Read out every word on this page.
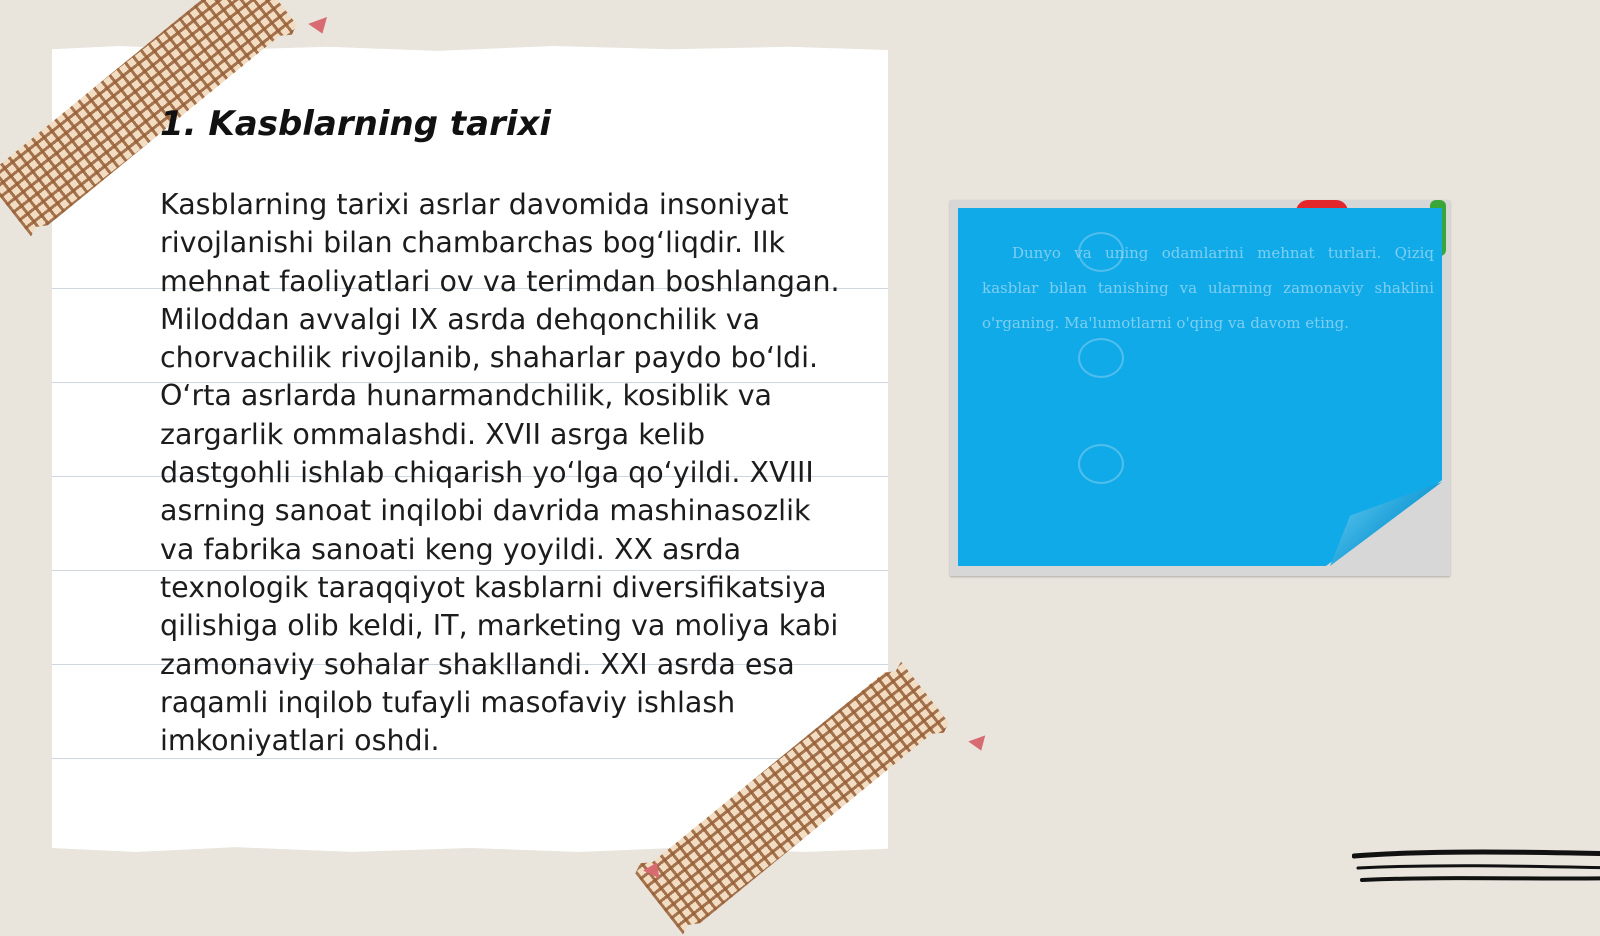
1. Kasblarning tarixi

Kasblarning tarixi asrlar davomida insoniyat rivojlanishi bilan chambarchas bog‘liqdir. Ilk mehnat faoliyatlari ov va terimdan boshlangan. Miloddan avvalgi IX asrda dehqonchilik va chorvachilik rivojlanib, shaharlar paydo bo‘ldi. O‘rta asrlarda hunarmandchilik, kosiblik va zargarlik ommalashdi. XVII asrga kelib dastgohli ishlab chiqarish yo‘lga qo‘yildi. XVIII asrning sanoat inqilobi davrida mashinasozlik va fabrika sanoati keng yoyildi. XX asrda texnologik taraqqiyot kasblarni diversifikatsiya qilishiga olib keldi, IT, marketing va moliya kabi zamonaviy sohalar shakllandi. XXI asrda esa raqamli inqilob tufayli masofaviy ishlash imkoniyatlari oshdi.

Dunyo va uning odamlarini mehnat turlari. Qiziq kasblar bilan tanishing va ularning zamonaviy shaklini o'rganing. Ma'lumotlarni o'qing va davom eting.
